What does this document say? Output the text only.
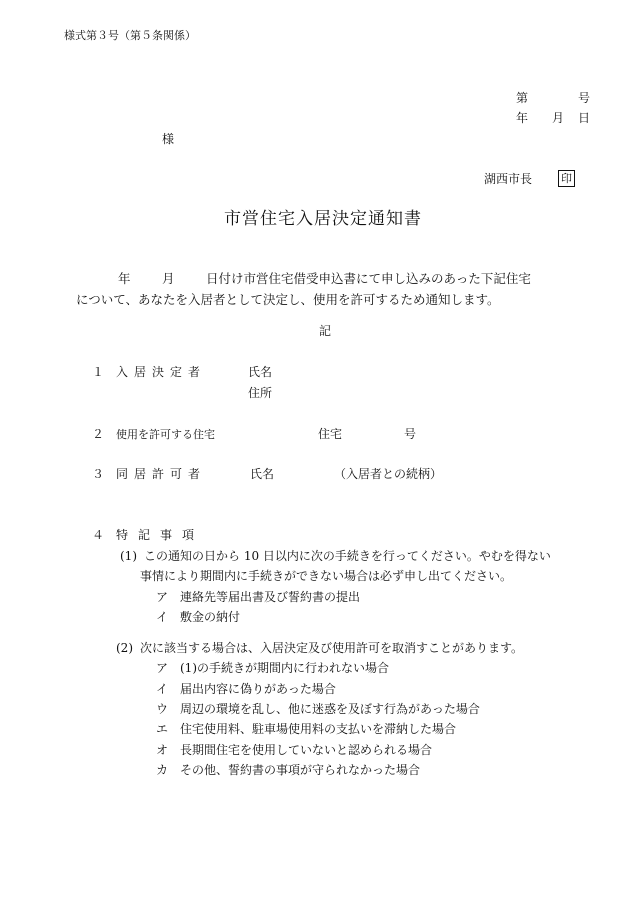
様式第３号（第５条関係）
第	号
年 月 日
様
湖西市長	印
市営住宅入居決定通知書
年	月	日付け市営住宅借受申込書にて申し込みのあった下記住宅
について、あなたを入居者として決定し、使用を許可するため通知します。
記
１ 入居決定者	氏名
住所
２ 使用を許可する住宅	住宅	号
３ 同居許可者	氏名	（入居者との続柄）
４ 特記事項
(1) この通知の日から 10 日以内に次の手続きを行ってください。やむを得ない
事情により期間内に手続きができない場合は必ず申し出てください。
ア 連絡先等届出書及び誓約書の提出
イ 敷金の納付
(2) 次に該当する場合は、入居決定及び使用許可を取消すことがあります。
ア (1)の手続きが期間内に行われない場合
イ 届出内容に偽りがあった場合
ウ 周辺の環境を乱し、他に迷惑を及ぼす行為があった場合
エ 住宅使用料、駐車場使用料の支払いを滞納した場合
オ 長期間住宅を使用していないと認められる場合
カ その他、誓約書の事項が守られなかった場合
